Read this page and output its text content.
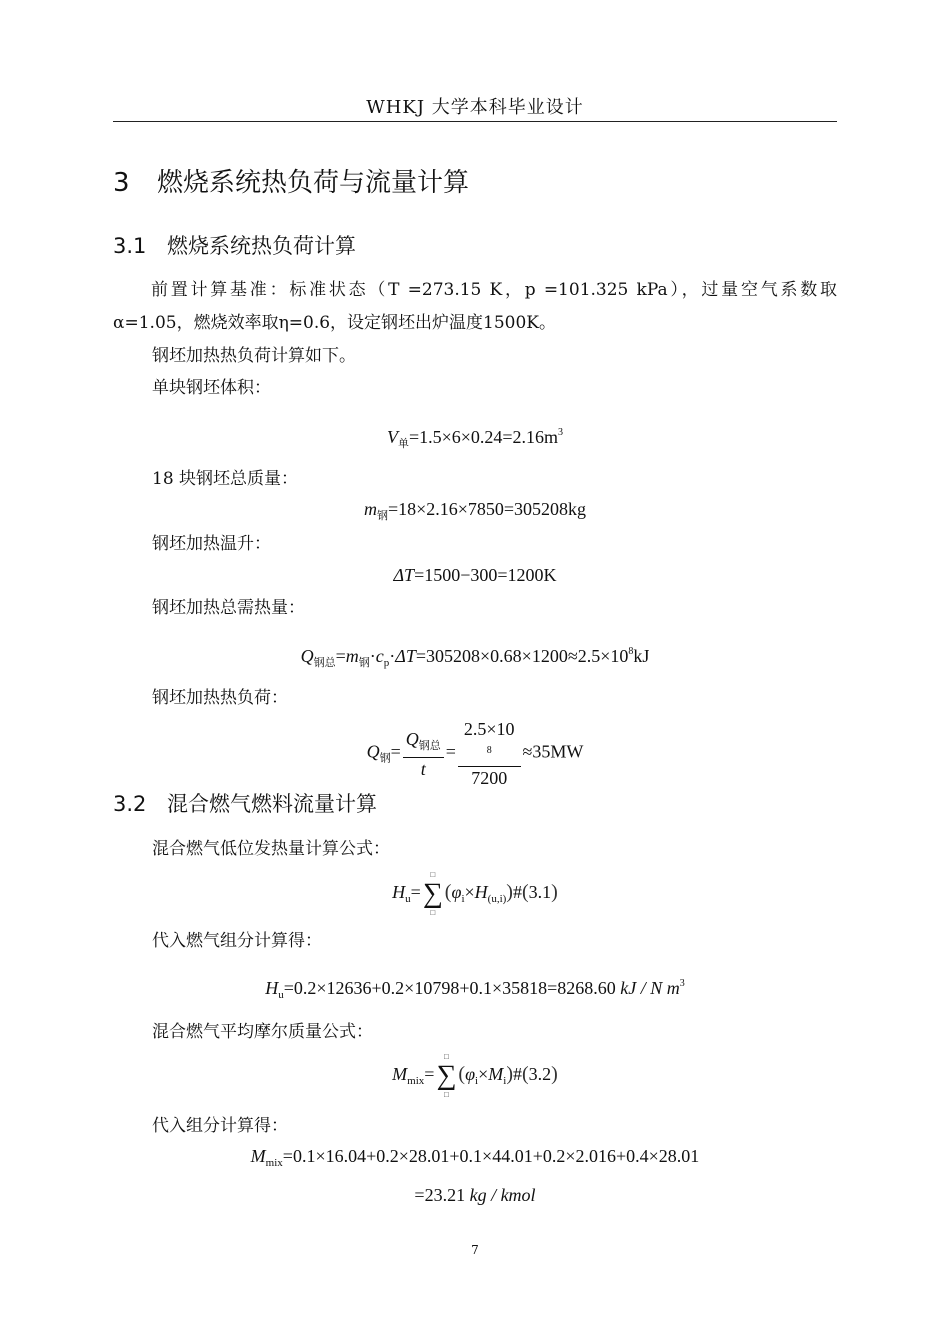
WHKJ 大学本科毕业设计
3 燃烧系统热负荷与流量计算
3.1 燃烧系统热负荷计算
前置计算基准：标准状态（T =273.15 K，p =101.325 kPa），过量空气系数取α=1.05，燃烧效率取η=0.6，设定钢坯出炉温度1500K。
钢坯加热热负荷计算如下。
单块钢坯体积：
$V_单=1.5\times 6\times 0.24=2.16m^3$
18 块钢坯总质量：
$m_钢=18\times 2.16\times 7850=305208kg$
钢坯加热温升：
ΔT=1500−300=1200K
钢坯加热总需热量：
$Q_{钢总}=m_钢\cdot c_p\cdot\Delta T=305208\times 0.68\times 1200\approx 2.5\times 10^8kJ$
钢坯加热热负荷：
$Q_钢= \frac{Q_{钢总}}{t} = 2.5\times 10$
$^8$
7200 ≈35MW
3.2 混合燃气燃料流量计算
混合燃气低位发热量计算公式：
$H_u=$
□
∑
□
$(\varphi_i\times H_{(u,i)})\#(3.1)$
代入燃气组分计算得：
$H_u=0.2\times 12636+0.2\times 10798+0.1\times 35818=8268.60$ kJ / N $m^3$
混合燃气平均摩尔质量公式：
$M_{mix}=$
□
∑
□
$(\varphi_i\times M_i)\#(3.2)$
代入组分计算得：
$M_{mix}=0.1\times 16.04+0.2\times 28.01+0.1\times 44.01+0.2\times 2.016+0.4\times 28.01$
=23.21 kg / kmol
7
